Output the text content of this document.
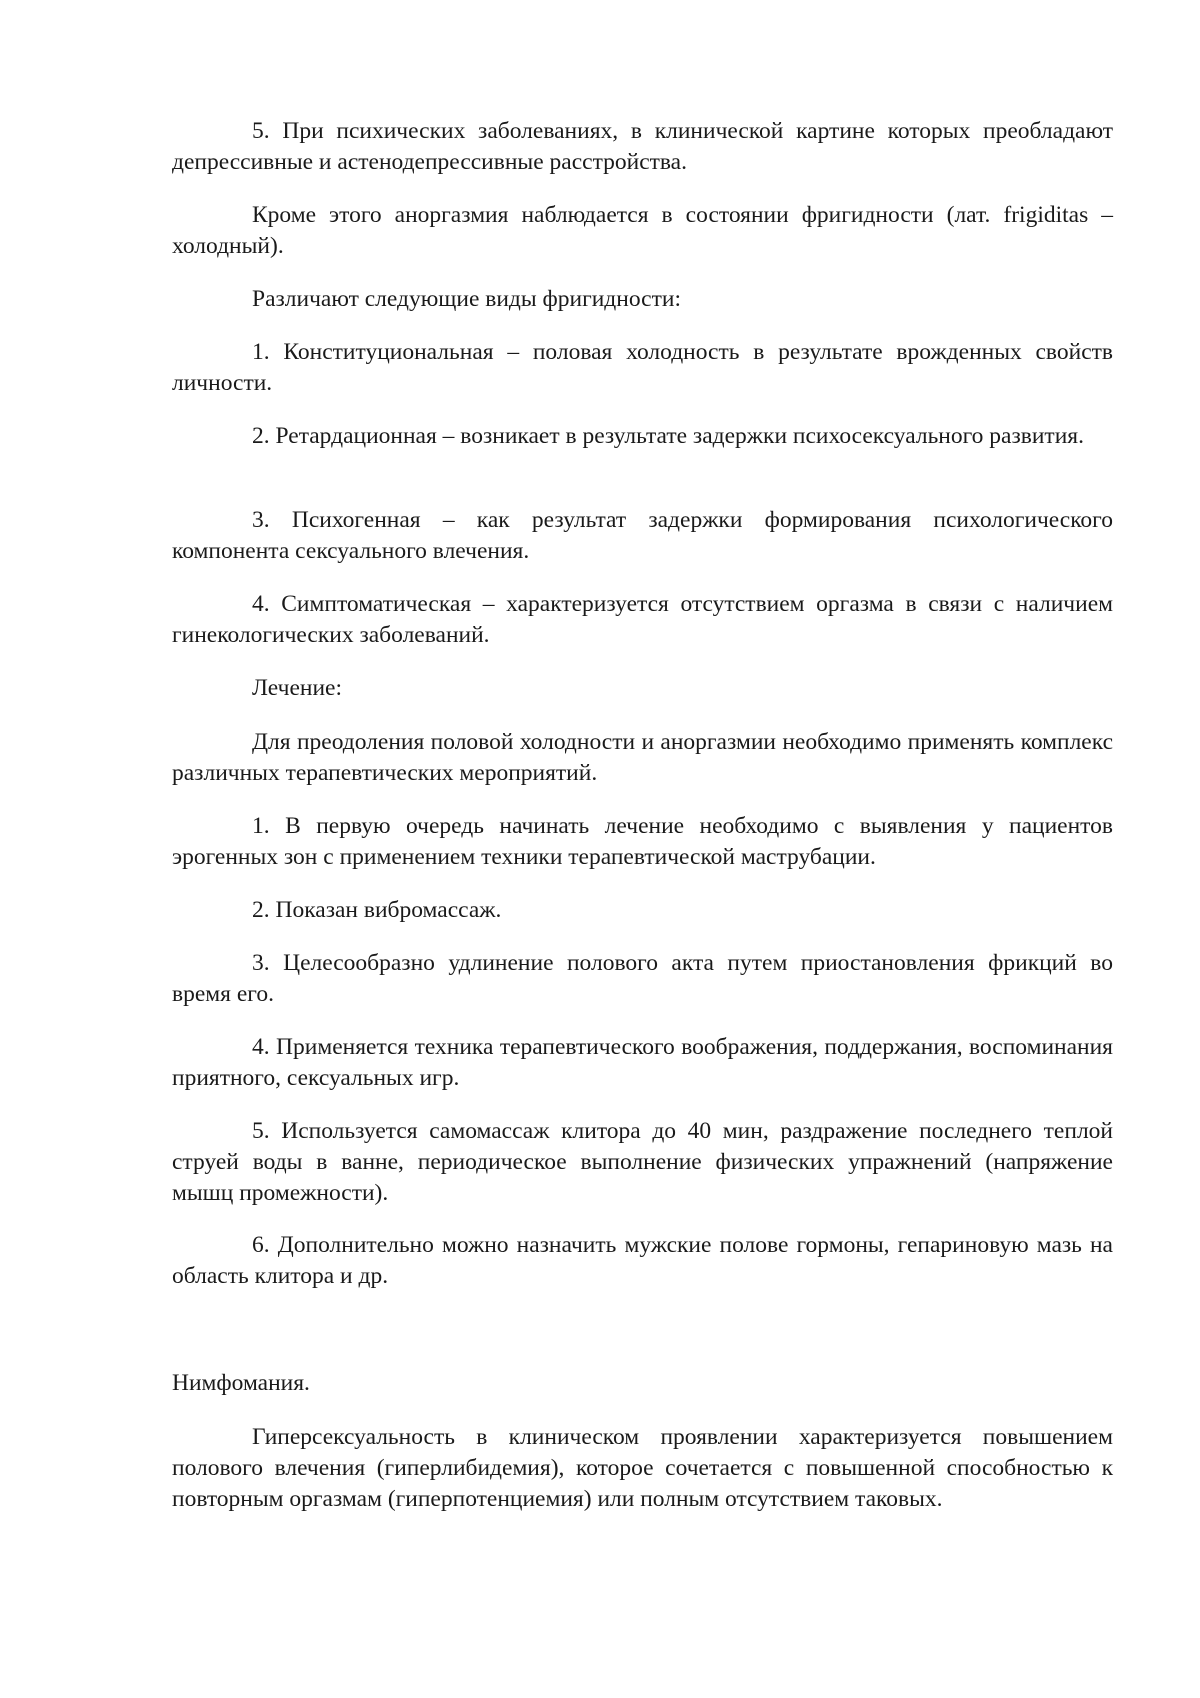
5. При психических заболеваниях, в клинической картине которых преобладают депрессивные и астенодепрессивные расстройства.

Кроме этого аноргазмия наблюдается в состоянии фригидности (лат. frigiditas – холодный).

Различают следующие виды фригидности:

1. Конституциональная – половая холодность в результате врожденных свойств личности.

2. Ретардационная – возникает в результате задержки психосексуального развития.

3. Психогенная – как результат задержки формирования психологического компонента сексуального влечения.

4. Симптоматическая – характеризуется отсутствием оргазма в связи с наличием гинекологических заболеваний.

Лечение:

Для преодоления половой холодности и аноргазмии необходимо применять комплекс различных терапевтических мероприятий.

1. В первую очередь начинать лечение необходимо с выявления у пациентов эрогенных зон с применением техники терапевтической маструбации.

2. Показан вибромассаж.

3. Целесообразно удлинение полового акта путем приостановления фрикций во время его.

4. Применяется техника терапевтического воображения, поддержания, воспоминания приятного, сексуальных игр.

5. Используется самомассаж клитора до 40 мин, раздражение последнего теплой струей воды в ванне, периодическое выполнение физических упражнений (напряжение мышц промежности).

6. Дополнительно можно назначить мужские полове гормоны, гепариновую мазь на область клитора и др.

Нимфомания.

Гиперсексуальность в клиническом проявлении характеризуется повышением полового влечения (гиперлибидемия), которое сочетается с повышенной способностью к повторным оргазмам (гиперпотенциемия) или полным отсутствием таковых.
